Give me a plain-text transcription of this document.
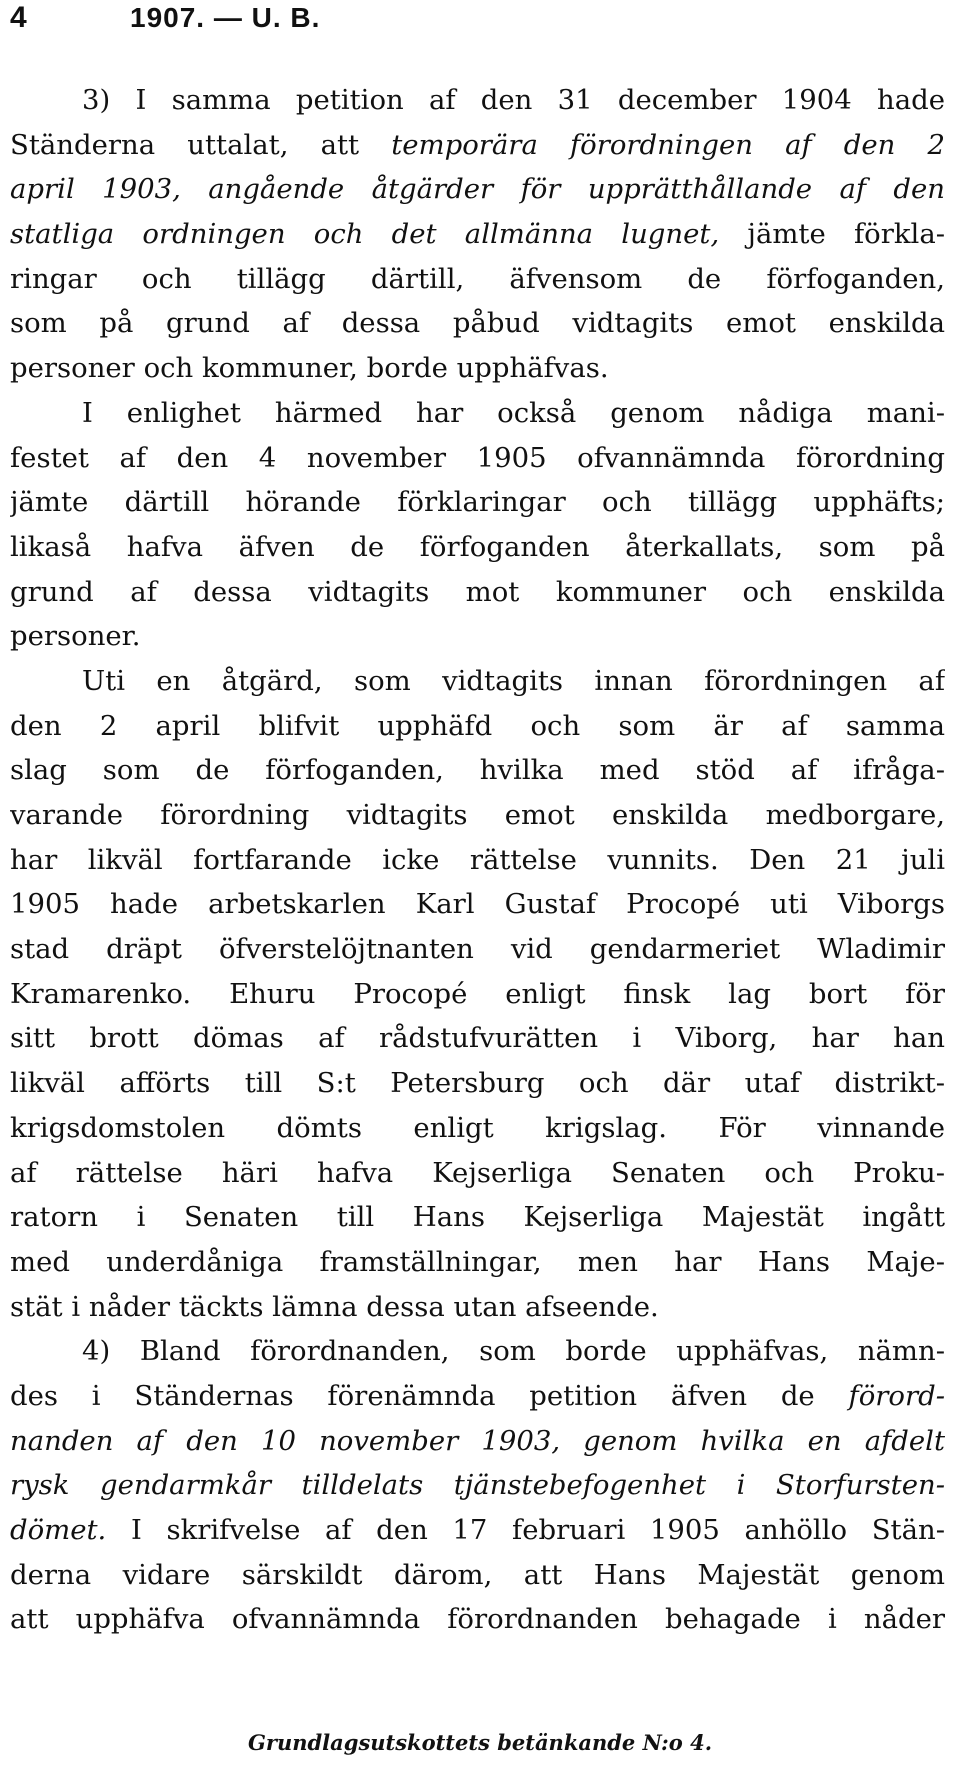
4	1907. — U. B.
3) I samma petition af den 31 december 1904 hade
Ständerna uttalat, att temporära förordningen af den 2
april 1903, angående åtgärder för upprätthållande af den
statliga ordningen och det allmänna lugnet, jämte förkla-
ringar och tillägg därtill, äfvensom de förfoganden,
som på grund af dessa påbud vidtagits emot enskilda
personer och kommuner, borde upphäfvas.
I enlighet härmed har också genom nådiga mani-
festet af den 4 november 1905 ofvannämnda förordning
jämte därtill hörande förklaringar och tillägg upphäfts;
likaså hafva äfven de förfoganden återkallats, som på
grund af dessa vidtagits mot kommuner och enskilda
personer.
Uti en åtgärd, som vidtagits innan förordningen af
den 2 april blifvit upphäfd och som är af samma
slag som de förfoganden, hvilka med stöd af ifråga-
varande förordning vidtagits emot enskilda medborgare,
har likväl fortfarande icke rättelse vunnits. Den 21 juli
1905 hade arbetskarlen Karl Gustaf Procopé uti Viborgs
stad dräpt öfverstelöjtnanten vid gendarmeriet Wladimir
Kramarenko. Ehuru Procopé enligt finsk lag bort för
sitt brott dömas af rådstufvurätten i Viborg, har han
likväl afförts till S:t Petersburg och där utaf distrikt-
krigsdomstolen dömts enligt krigslag. För vinnande
af rättelse häri hafva Kejserliga Senaten och Proku-
ratorn i Senaten till Hans Kejserliga Majestät ingått
med underdåniga framställningar, men har Hans Maje-
stät i nåder täckts lämna dessa utan afseende.
4) Bland förordnanden, som borde upphäfvas, nämn-
des i Ständernas förenämnda petition äfven de förord-
nanden af den 10 november 1903, genom hvilka en afdelt
rysk gendarmkår tilldelats tjänstebefogenhet i Storfursten-
dömet. I skrifvelse af den 17 februari 1905 anhöllo Stän-
derna vidare särskildt därom, att Hans Majestät genom
att upphäfva ofvannämnda förordnanden behagade i nåder
Grundlagsutskottets betänkande N:o 4.
